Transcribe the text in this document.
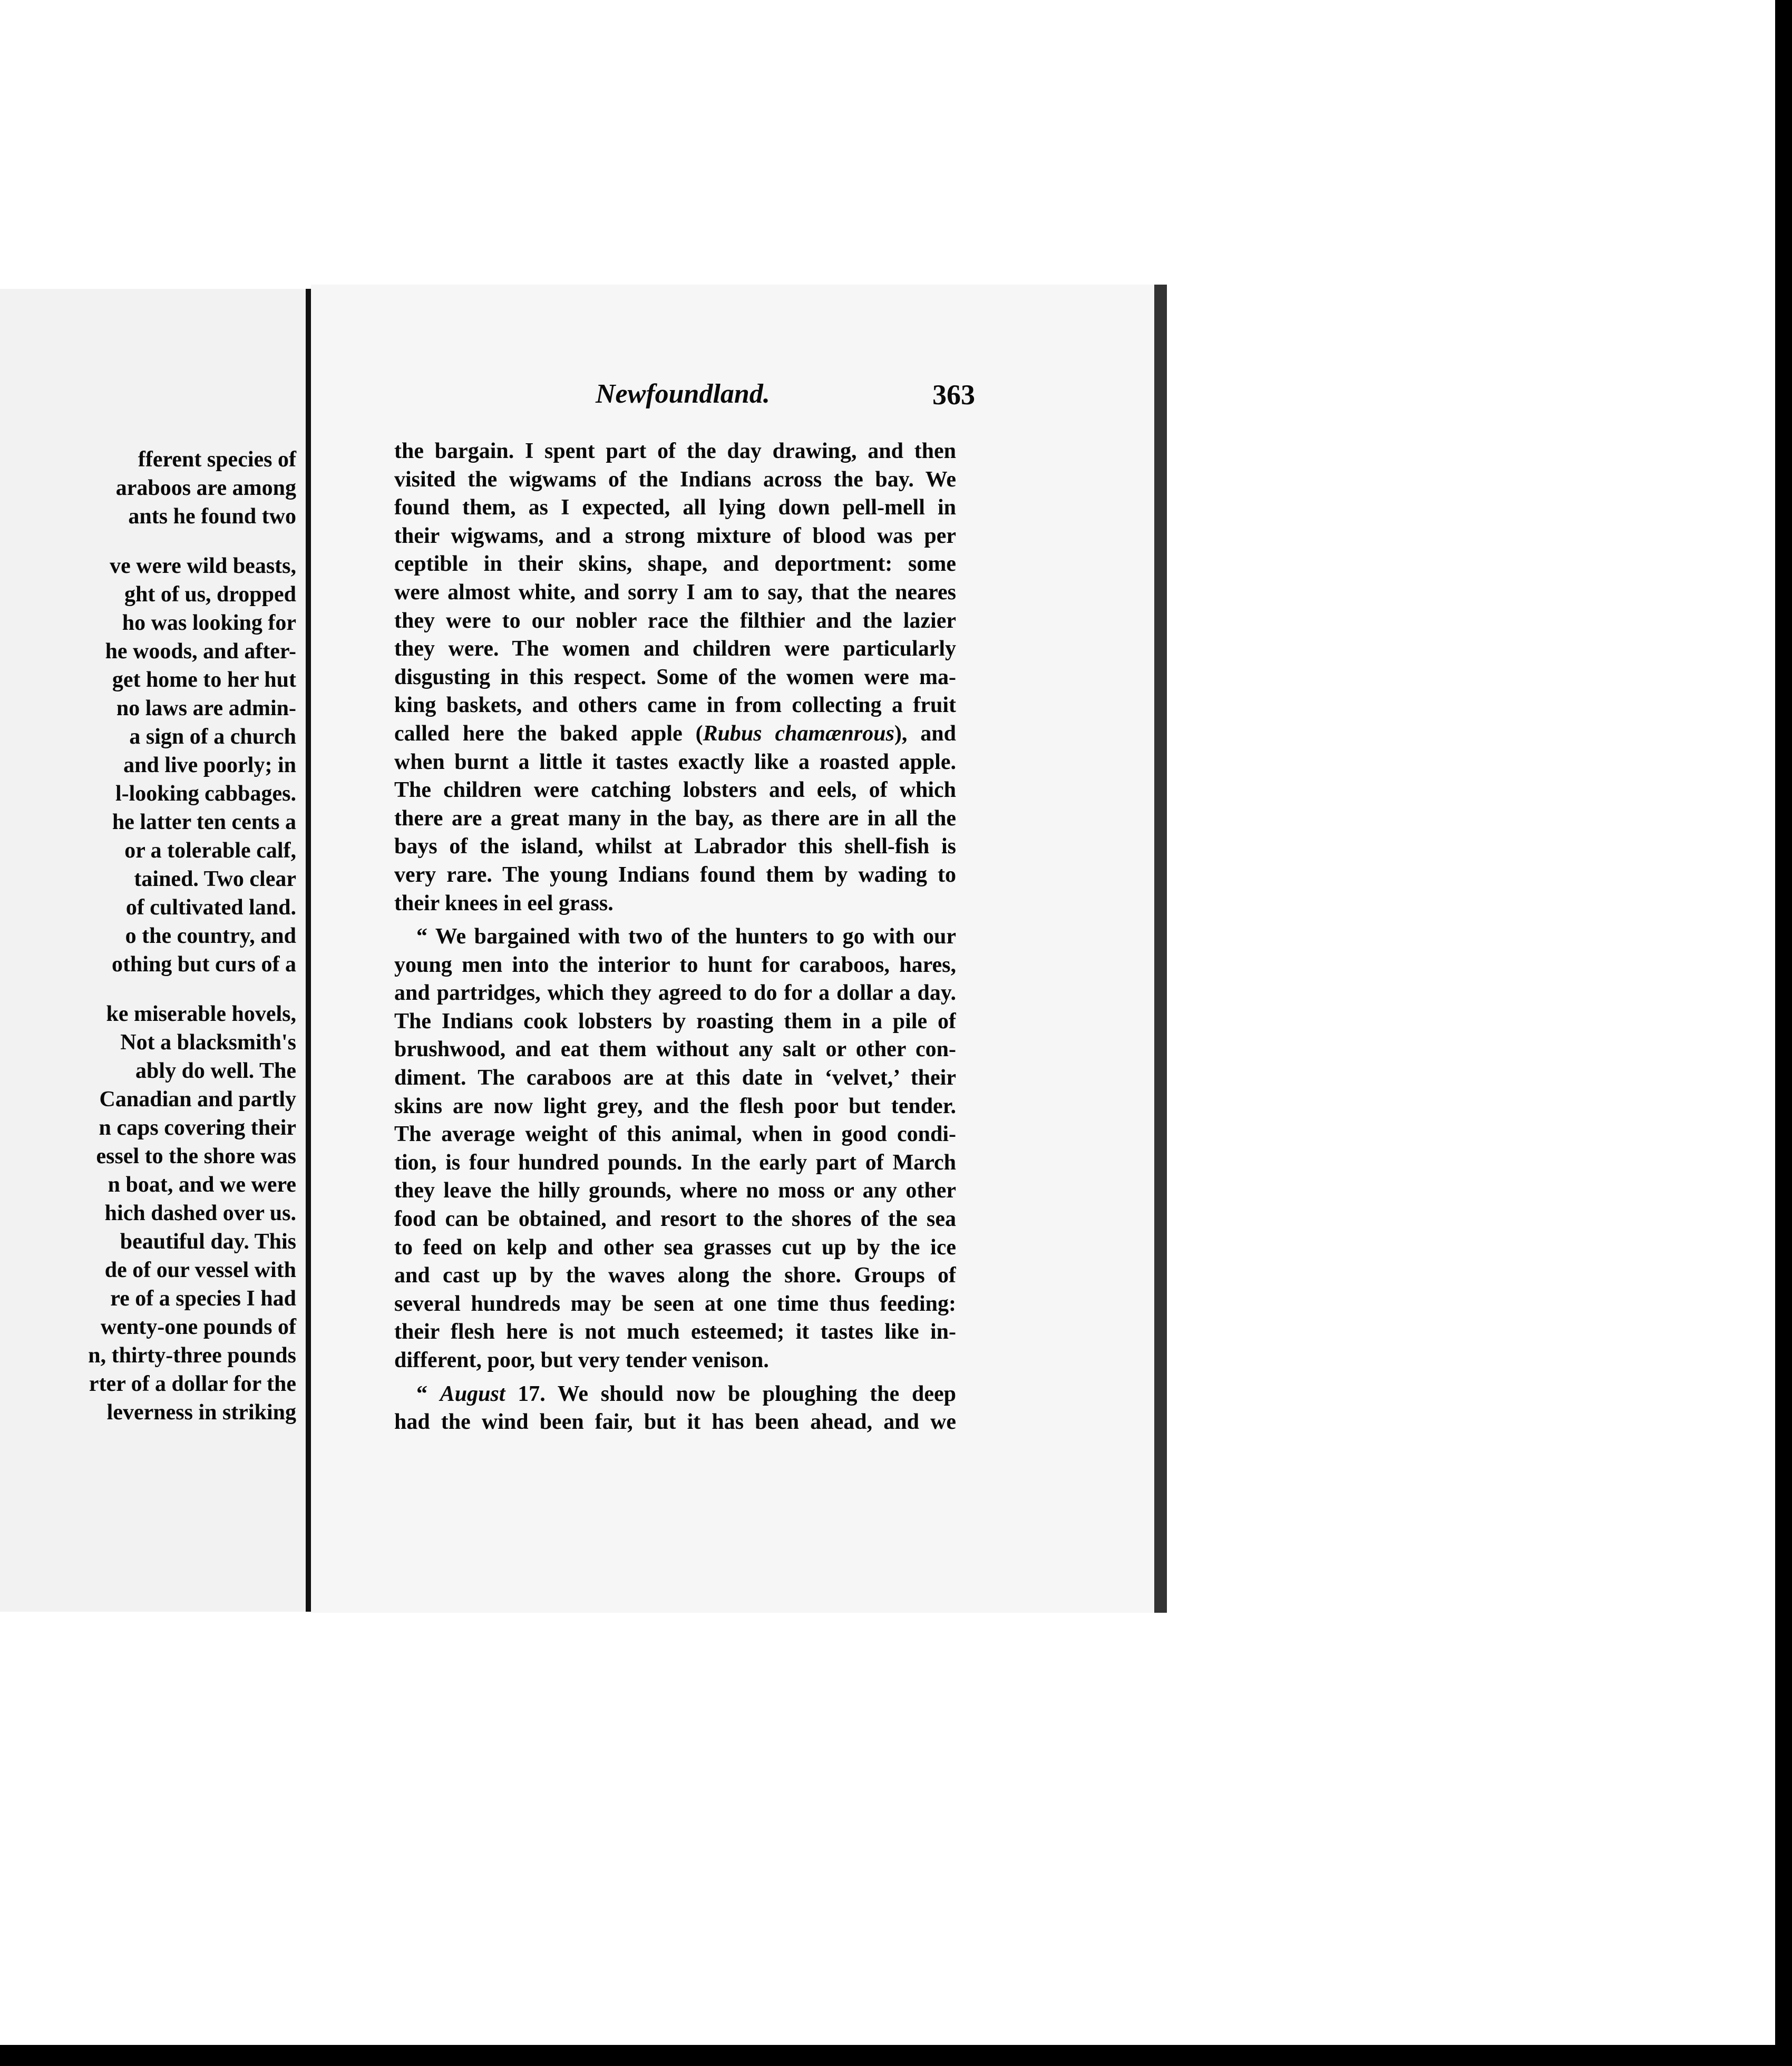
fferent species of
araboos are among
ants he found two
ve were wild beasts,
ght of us, dropped
ho was looking for
he woods, and after-
get home to her hut
no laws are admin-
a sign of a church
and live poorly; in
l-looking cabbages.
he latter ten cents a
or a tolerable calf,
tained. Two clear
of cultivated land.
o the country, and
othing but curs of a
ke miserable hovels,
Not a blacksmith's
ably do well. The
Canadian and partly
n caps covering their
essel to the shore was
n boat, and we were
hich dashed over us.
beautiful day. This
de of our vessel with
re of a species I had
wenty-one pounds of
n, thirty-three pounds
rter of a dollar for the
leverness in striking
Newfoundland.	363

the bargain. I spent part of the day drawing, and then
visited the wigwams of the Indians across the bay. We
found them, as I expected, all lying down pell-mell in
their wigwams, and a strong mixture of blood was per
ceptible in their skins, shape, and deportment: some
were almost white, and sorry I am to say, that the neares
they were to our nobler race the filthier and the lazier
they were. The women and children were particularly
disgusting in this respect. Some of the women were ma-
king baskets, and others came in from collecting a fruit
called here the baked apple (Rubus chamænrous), and
when burnt a little it tastes exactly like a roasted apple.
The children were catching lobsters and eels, of which
there are a great many in the bay, as there are in all the
bays of the island, whilst at Labrador this shell-fish is
very rare. The young Indians found them by wading to
their knees in eel grass.

“ We bargained with two of the hunters to go with our
young men into the interior to hunt for caraboos, hares,
and partridges, which they agreed to do for a dollar a day.
The Indians cook lobsters by roasting them in a pile of
brushwood, and eat them without any salt or other con-
diment. The caraboos are at this date in ‘velvet,’ their
skins are now light grey, and the flesh poor but tender.
The average weight of this animal, when in good condi-
tion, is four hundred pounds. In the early part of March
they leave the hilly grounds, where no moss or any other
food can be obtained, and resort to the shores of the sea
to feed on kelp and other sea grasses cut up by the ice
and cast up by the waves along the shore. Groups of
several hundreds may be seen at one time thus feeding:
their flesh here is not much esteemed; it tastes like in-
different, poor, but very tender venison.

“ August 17. We should now be ploughing the deep
had the wind been fair, but it has been ahead, and we
